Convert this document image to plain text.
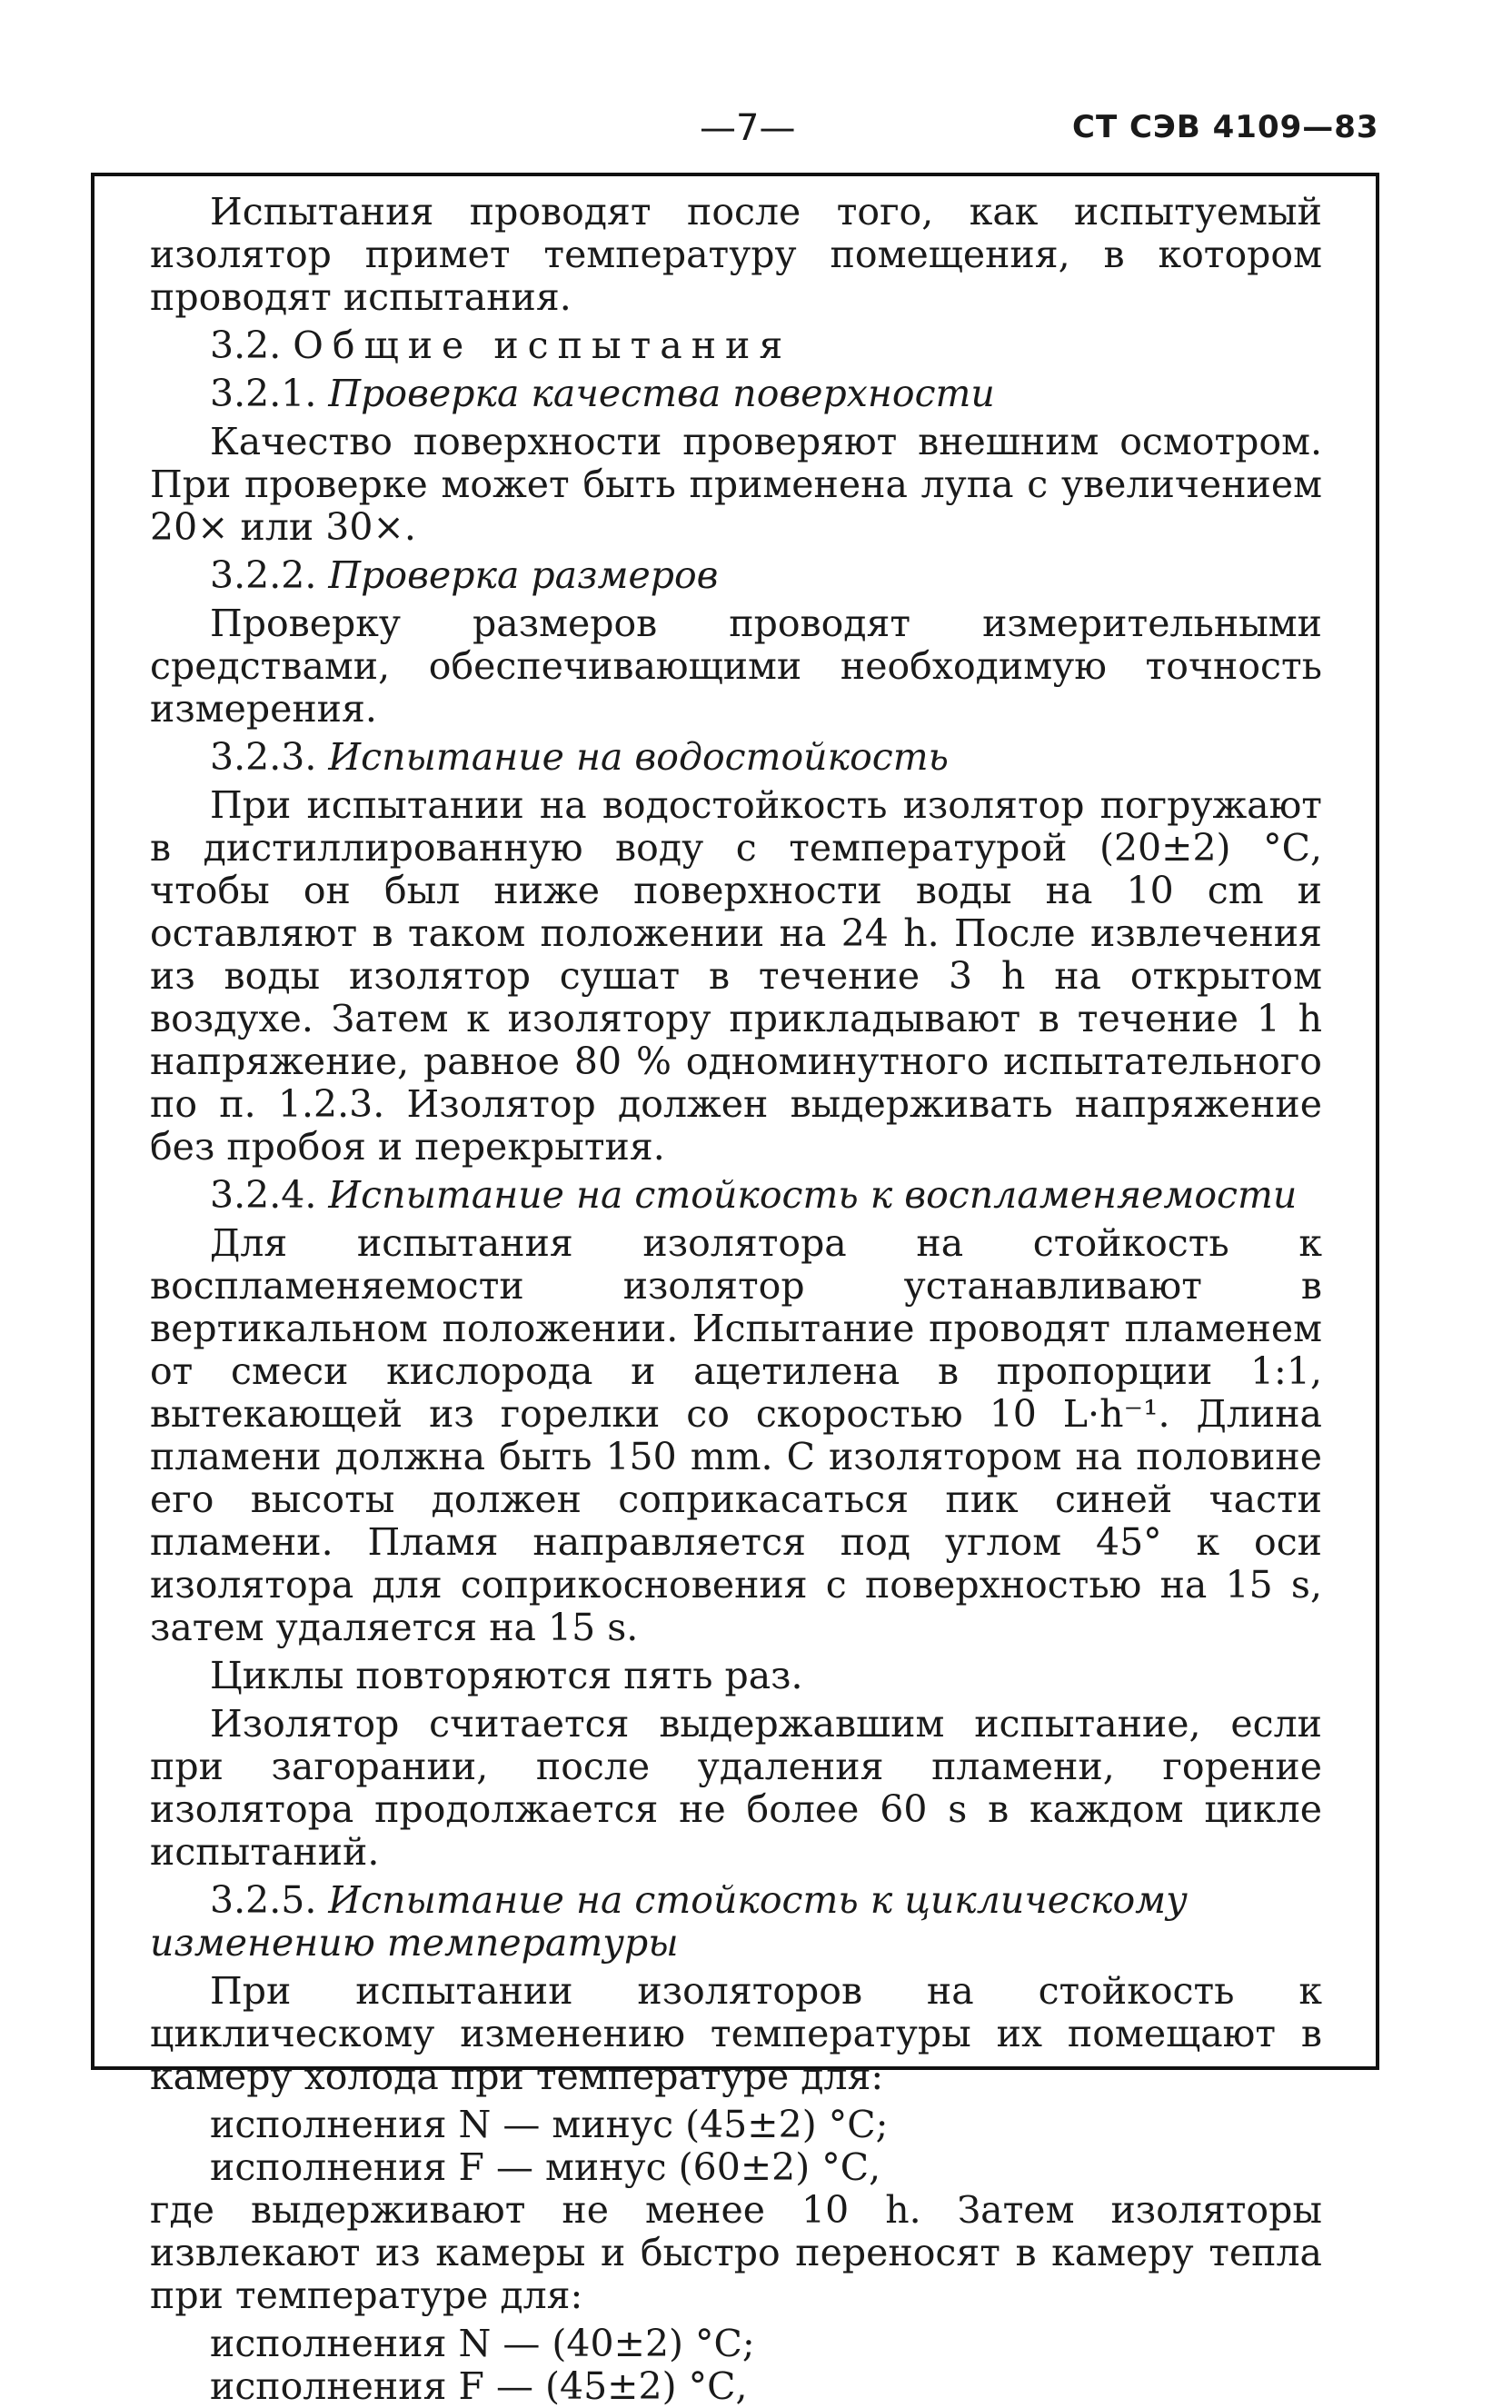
—7—	СТ СЭВ 4109—83

Испытания проводят после того, как испытуемый изолятор примет температуру помещения, в котором проводят испытания.

3.2. Общие испытания

3.2.1. Проверка качества поверхности

Качество поверхности проверяют внешним осмотром. При проверке может быть применена лупа с увеличением 20× или 30×.

3.2.2. Проверка размеров

Проверку размеров проводят измерительными средствами, обеспечивающими необходимую точность измерения.

3.2.3. Испытание на водостойкость

При испытании на водостойкость изолятор погружают в дистиллированную воду с температурой (20±2) °С, чтобы он был ниже поверхности воды на 10 cm и оставляют в таком положении на 24 h. После извлечения из воды изолятор сушат в течение 3 h на открытом воздухе. Затем к изолятору прикладывают в течение 1 h напряжение, равное 80 % одноминутного испытательного по п. 1.2.3. Изолятор должен выдерживать напряжение без пробоя и перекрытия.

3.2.4. Испытание на стойкость к воспламеняемости

Для испытания изолятора на стойкость к воспламеняемости изолятор устанавливают в вертикальном положении. Испытание проводят пламенем от смеси кислорода и ацетилена в пропорции 1:1, вытекающей из горелки со скоростью 10 L·h⁻¹. Длина пламени должна быть 150 mm. С изолятором на половине его высоты должен соприкасаться пик синей части пламени. Пламя направляется под углом 45° к оси изолятора для соприкосновения с поверхностью на 15 s, затем удаляется на 15 s.

Циклы повторяются пять раз.

Изолятор считается выдержавшим испытание, если при загорании, после удаления пламени, горение изолятора продолжается не более 60 s в каждом цикле испытаний.

3.2.5. Испытание на стойкость к циклическому изменению температуры

При испытании изоляторов на стойкость к циклическому изменению температуры их помещают в камеру холода при температуре для:

исполнения N — минус (45±2) °С;

исполнения F — минус (60±2) °С,

где выдерживают не менее 10 h. Затем изоляторы извлекают из камеры и быстро переносят в камеру тепла при температуре для:

исполнения N — (40±2) °С;

исполнения F — (45±2) °С,
